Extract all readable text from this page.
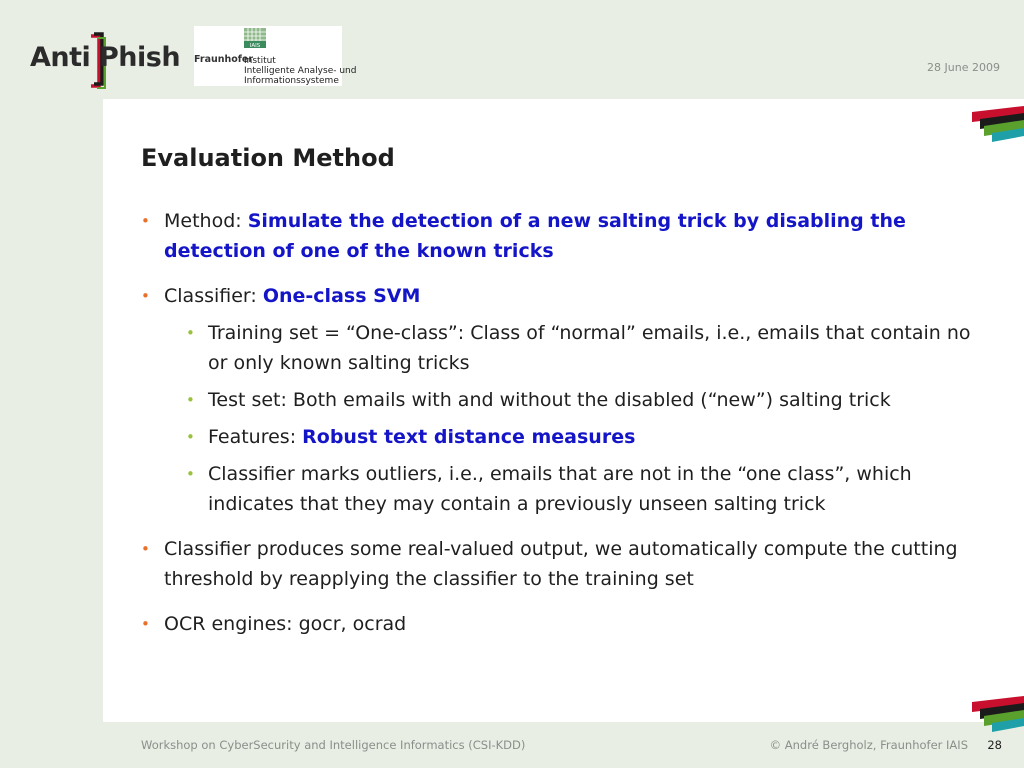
Anti Phish	IAIS
Fraunhofer
Institut
Intelligente Analyse- und
Informationssysteme
28 June 2009
Evaluation Method
• Method: Simulate the detection of a new salting trick by disabling the detection of one of the known tricks
• Classifier: One-class SVM
• Training set = “One-class”: Class of “normal” emails, i.e., emails that contain no or only known salting tricks
• Test set: Both emails with and without the disabled (“new”) salting trick
• Features: Robust text distance measures
• Classifier marks outliers, i.e., emails that are not in the “one class”, which indicates that they may contain a previously unseen salting trick
• Classifier produces some real-valued output, we automatically compute the cutting threshold by reapplying the classifier to the training set
• OCR engines: gocr, ocrad
Workshop on CyberSecurity and Intelligence Informatics (CSI-KDD)	© André Bergholz, Fraunhofer IAIS 28
